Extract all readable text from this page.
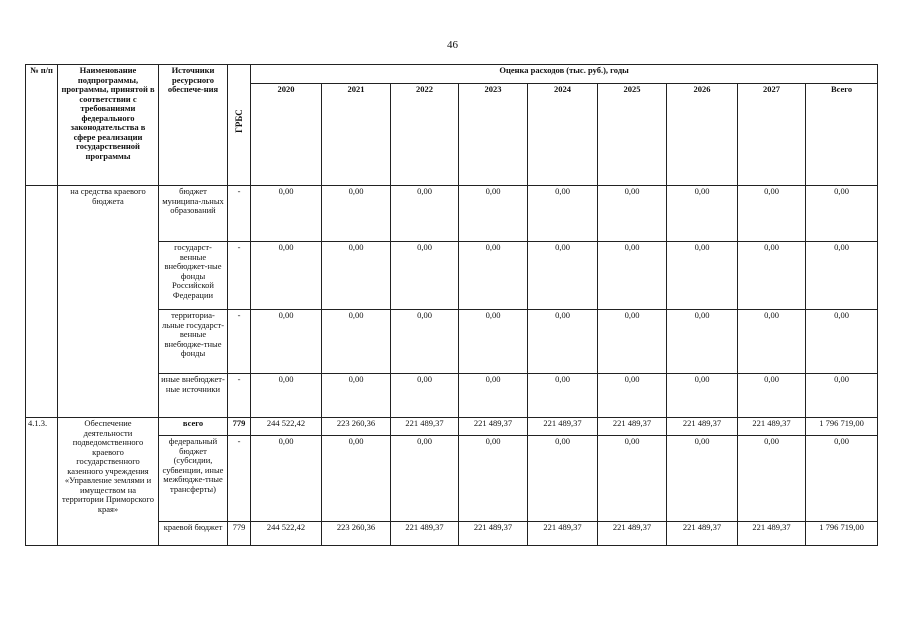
46
№ п/п	Наименование подпрограммы, программы, принятой в соответствии с требованиями федерального законодательства в сфере реализации государственной программы	Источники ресурсного обеспече-ния	ГРБС	Оценка расходов (тыс. руб.), годы								
				2020	2021	2022	2023	2024	2025	2026	2027	Всего
	на средства краевого бюджета	бюджет муниципа-льных образований	-	0,00	0,00	0,00	0,00	0,00	0,00	0,00	0,00	0,00
		государст-венные внебюджет-ные фонды Российской Федерации	-	0,00	0,00	0,00	0,00	0,00	0,00	0,00	0,00	0,00
		территориа-льные государст-венные внебюдже-тные фонды	-	0,00	0,00	0,00	0,00	0,00	0,00	0,00	0,00	0,00
		иные внебюджет-ные источники	-	0,00	0,00	0,00	0,00	0,00	0,00	0,00	0,00	0,00
4.1.3.	Обеспечение деятельности подведомственного краевого государственного казенного учреждения «Управление землями и имуществом на территории Приморского края»	всего	779	244 522,42	223 260,36	221 489,37	221 489,37	221 489,37	221 489,37	221 489,37	221 489,37	1 796 719,00
		федеральный бюджет (субсидии, субвенции, иные межбюдже-тные трансферты)	-	0,00	0,00	0,00	0,00	0,00	0,00	0,00	0,00	0,00
		краевой бюджет	779	244 522,42	223 260,36	221 489,37	221 489,37	221 489,37	221 489,37	221 489,37	221 489,37	1 796 719,00
